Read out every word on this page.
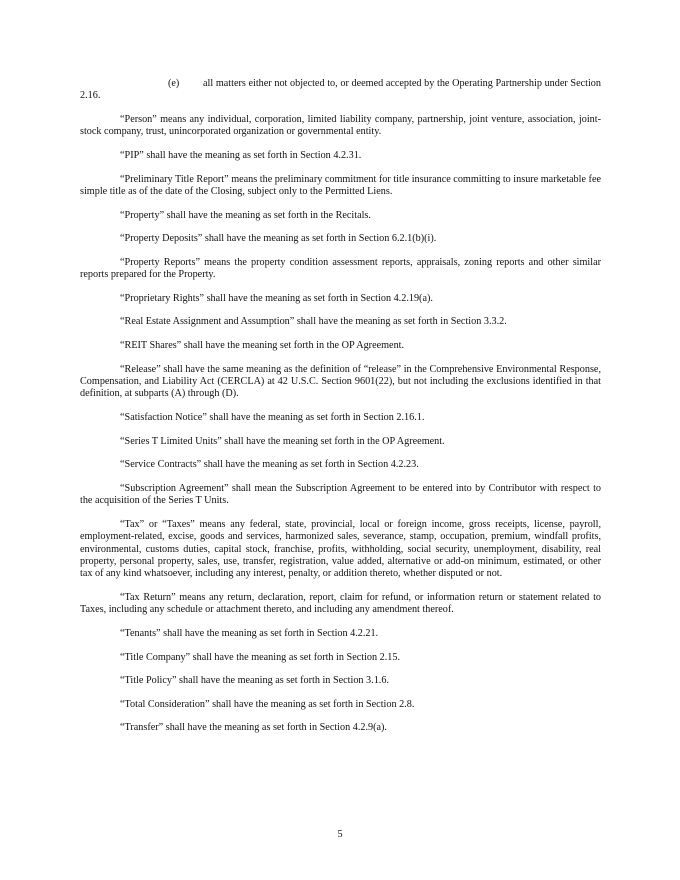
(e) all matters either not objected to, or deemed accepted by the Operating Partnership under Section 2.16.

“Person” means any individual, corporation, limited liability company, partnership, joint venture, association, joint-stock company, trust, unincorporated organization or governmental entity.

“PIP” shall have the meaning as set forth in Section 4.2.31.

“Preliminary Title Report” means the preliminary commitment for title insurance committing to insure marketable fee simple title as of the date of the Closing, subject only to the Permitted Liens.

“Property” shall have the meaning as set forth in the Recitals.

“Property Deposits” shall have the meaning as set forth in Section 6.2.1(b)(i).

“Property Reports” means the property condition assessment reports, appraisals, zoning reports and other similar reports prepared for the Property.

“Proprietary Rights” shall have the meaning as set forth in Section 4.2.19(a).

“Real Estate Assignment and Assumption” shall have the meaning as set forth in Section 3.3.2.

“REIT Shares” shall have the meaning set forth in the OP Agreement.

“Release” shall have the same meaning as the definition of “release” in the Comprehensive Environmental Response, Compensation, and Liability Act (CERCLA) at 42 U.S.C. Section 9601(22), but not including the exclusions identified in that definition, at subparts (A) through (D).

“Satisfaction Notice” shall have the meaning as set forth in Section 2.16.1.

“Series T Limited Units” shall have the meaning set forth in the OP Agreement.

“Service Contracts” shall have the meaning as set forth in Section 4.2.23.

“Subscription Agreement” shall mean the Subscription Agreement to be entered into by Contributor with respect to the acquisition of the Series T Units.

“Tax” or “Taxes” means any federal, state, provincial, local or foreign income, gross receipts, license, payroll, employment-related, excise, goods and services, harmonized sales, severance, stamp, occupation, premium, windfall profits, environmental, customs duties, capital stock, franchise, profits, withholding, social security, unemployment, disability, real property, personal property, sales, use, transfer, registration, value added, alternative or add-on minimum, estimated, or other tax of any kind whatsoever, including any interest, penalty, or addition thereto, whether disputed or not.

“Tax Return” means any return, declaration, report, claim for refund, or information return or statement related to Taxes, including any schedule or attachment thereto, and including any amendment thereof.

“Tenants” shall have the meaning as set forth in Section 4.2.21.

“Title Company” shall have the meaning as set forth in Section 2.15.

“Title Policy” shall have the meaning as set forth in Section 3.1.6.

“Total Consideration” shall have the meaning as set forth in Section 2.8.

“Transfer” shall have the meaning as set forth in Section 4.2.9(a).

5
